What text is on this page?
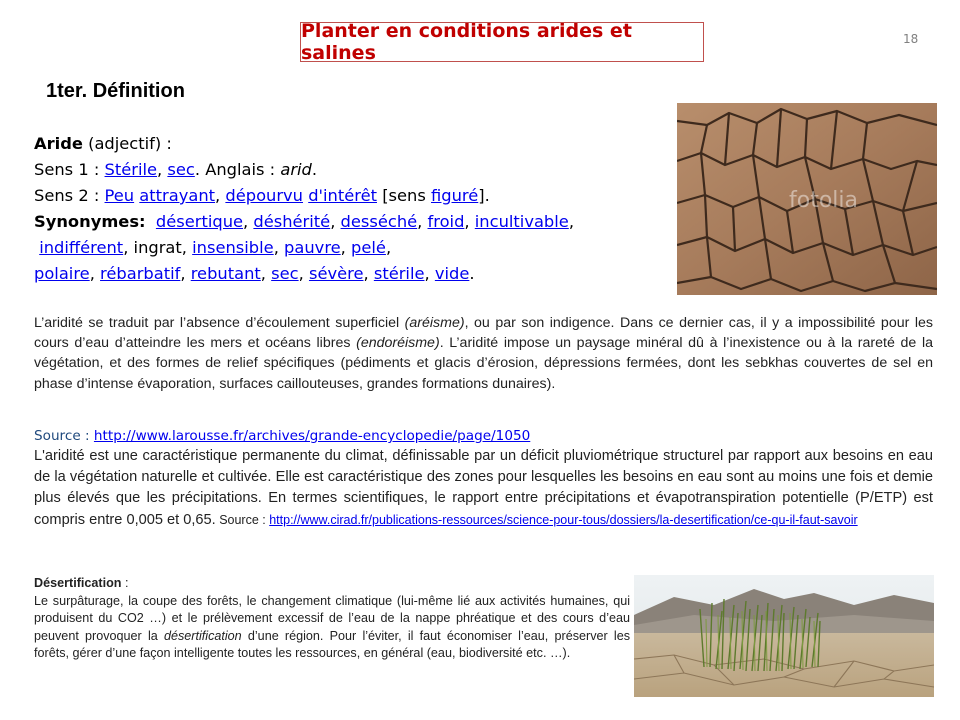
Planter en conditions arides et salines
18
1ter. Définition
Aride (adjectif) :
Sens 1 : Stérile, sec. Anglais : arid.
Sens 2 : Peu attrayant, dépourvu d'intérêt [sens figuré].
Synonymes: désertique, déshérité, desséché, froid, incultivable,
indifférent, ingrat, insensible, pauvre, pelé,
polaire, rébarbatif, rebutant, sec, sévère, stérile, vide.
fotolia
L’aridité se traduit par l’absence d’écoulement superficiel (aréisme), ou par son indigence. Dans ce dernier cas, il y a impossibilité pour les cours d’eau d’atteindre les mers et océans libres (endoréisme). L’aridité impose un paysage minéral dû à l’inexistence ou à la rareté de la végétation, et des formes de relief spécifiques (pédiments et glacis d’érosion, dépressions fermées, dont les sebkhas couvertes de sel en phase d’intense évaporation, surfaces caillouteuses, grandes formations dunaires).
Source : http://www.larousse.fr/archives/grande-encyclopedie/page/1050
L'aridité est une caractéristique permanente du climat, définissable par un déficit pluviométrique structurel par rapport aux besoins en eau de la végétation naturelle et cultivée. Elle est caractéristique des zones pour lesquelles les besoins en eau sont au moins une fois et demie plus élevés que les précipitations. En termes scientifiques, le rapport entre précipitations et évapotranspiration potentielle (P/ETP) est compris entre 0,005 et 0,65. Source : http://www.cirad.fr/publications-ressources/science-pour-tous/dossiers/la-desertification/ce-qu-il-faut-savoir
Désertification :
Le surpâturage, la coupe des forêts, le changement climatique (lui-même lié aux activités humaines, qui produisent du CO2 …) et le prélèvement excessif de l’eau de la nappe phréatique et des cours d’eau peuvent provoquer la désertification d’une région. Pour l’éviter, il faut économiser l’eau, préserver les forêts, gérer d’une façon intelligente toutes les ressources, en général (eau, biodiversité etc. …).
